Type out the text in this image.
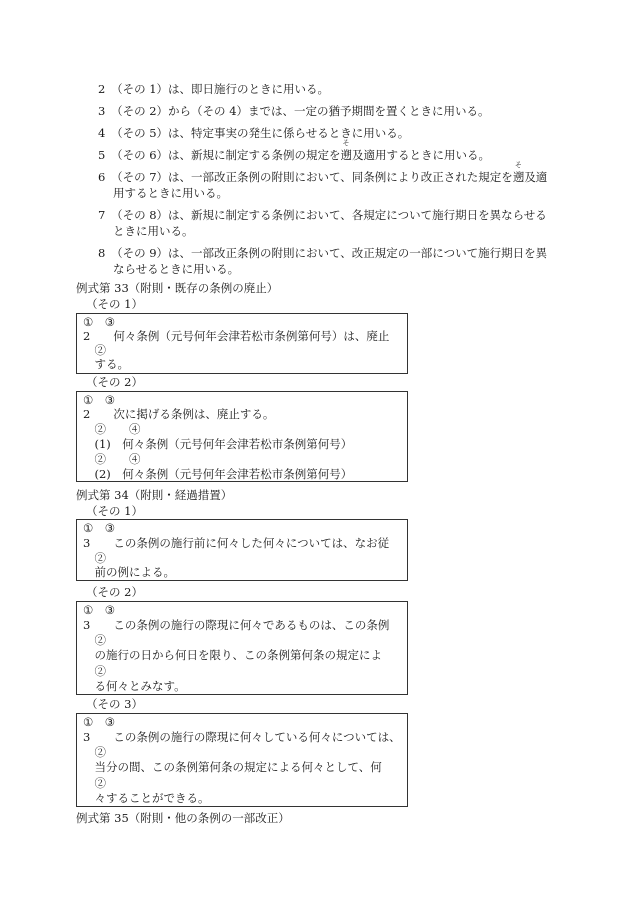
2　（その 1）は、即日施行のときに用いる。
3　（その 2）から（その 4）までは、一定の猶予期間を置くときに用いる。
4　（その 5）は、特定事実の発生に係らせるときに用いる。
5　（その 6）は、新規に制定する条例の規定を
そ
遡及適用するときに用いる。
6　（その 7）は、一部改正条例の附則において、同条例により改正された規定を
そ
遡及適
用するときに用いる。
7　（その 8）は、新規に制定する条例において、各規定について施行期日を異ならせる
ときに用いる。
8　（その 9）は、一部改正条例の附則において、改正規定の一部について施行期日を異
ならせるときに用いる。
例式第 33（附則・既存の条例の廃止）
（その 1）
①　③
2　　何々条例（元号何年会津若松市条例第何号）は、廃止
　②
　する。
（その 2）
①　③
2　　次に掲げる条例は、廃止する。
　②　　④
　(1)　何々条例（元号何年会津若松市条例第何号）
　②　　④
　(2)　何々条例（元号何年会津若松市条例第何号）
例式第 34（附則・経過措置）
（その 1）
①　③
3　　この条例の施行前に何々した何々については、なお従
　②
　前の例による。
（その 2）
①　③
3　　この条例の施行の際現に何々であるものは、この条例
　②
　の施行の日から何日を限り、この条例第何条の規定によ
　②
　る何々とみなす。
（その 3）
①　③
3　　この条例の施行の際現に何々している何々については、
　②
　当分の間、この条例第何条の規定による何々として、何
　②
　々することができる。
例式第 35（附則・他の条例の一部改正）
